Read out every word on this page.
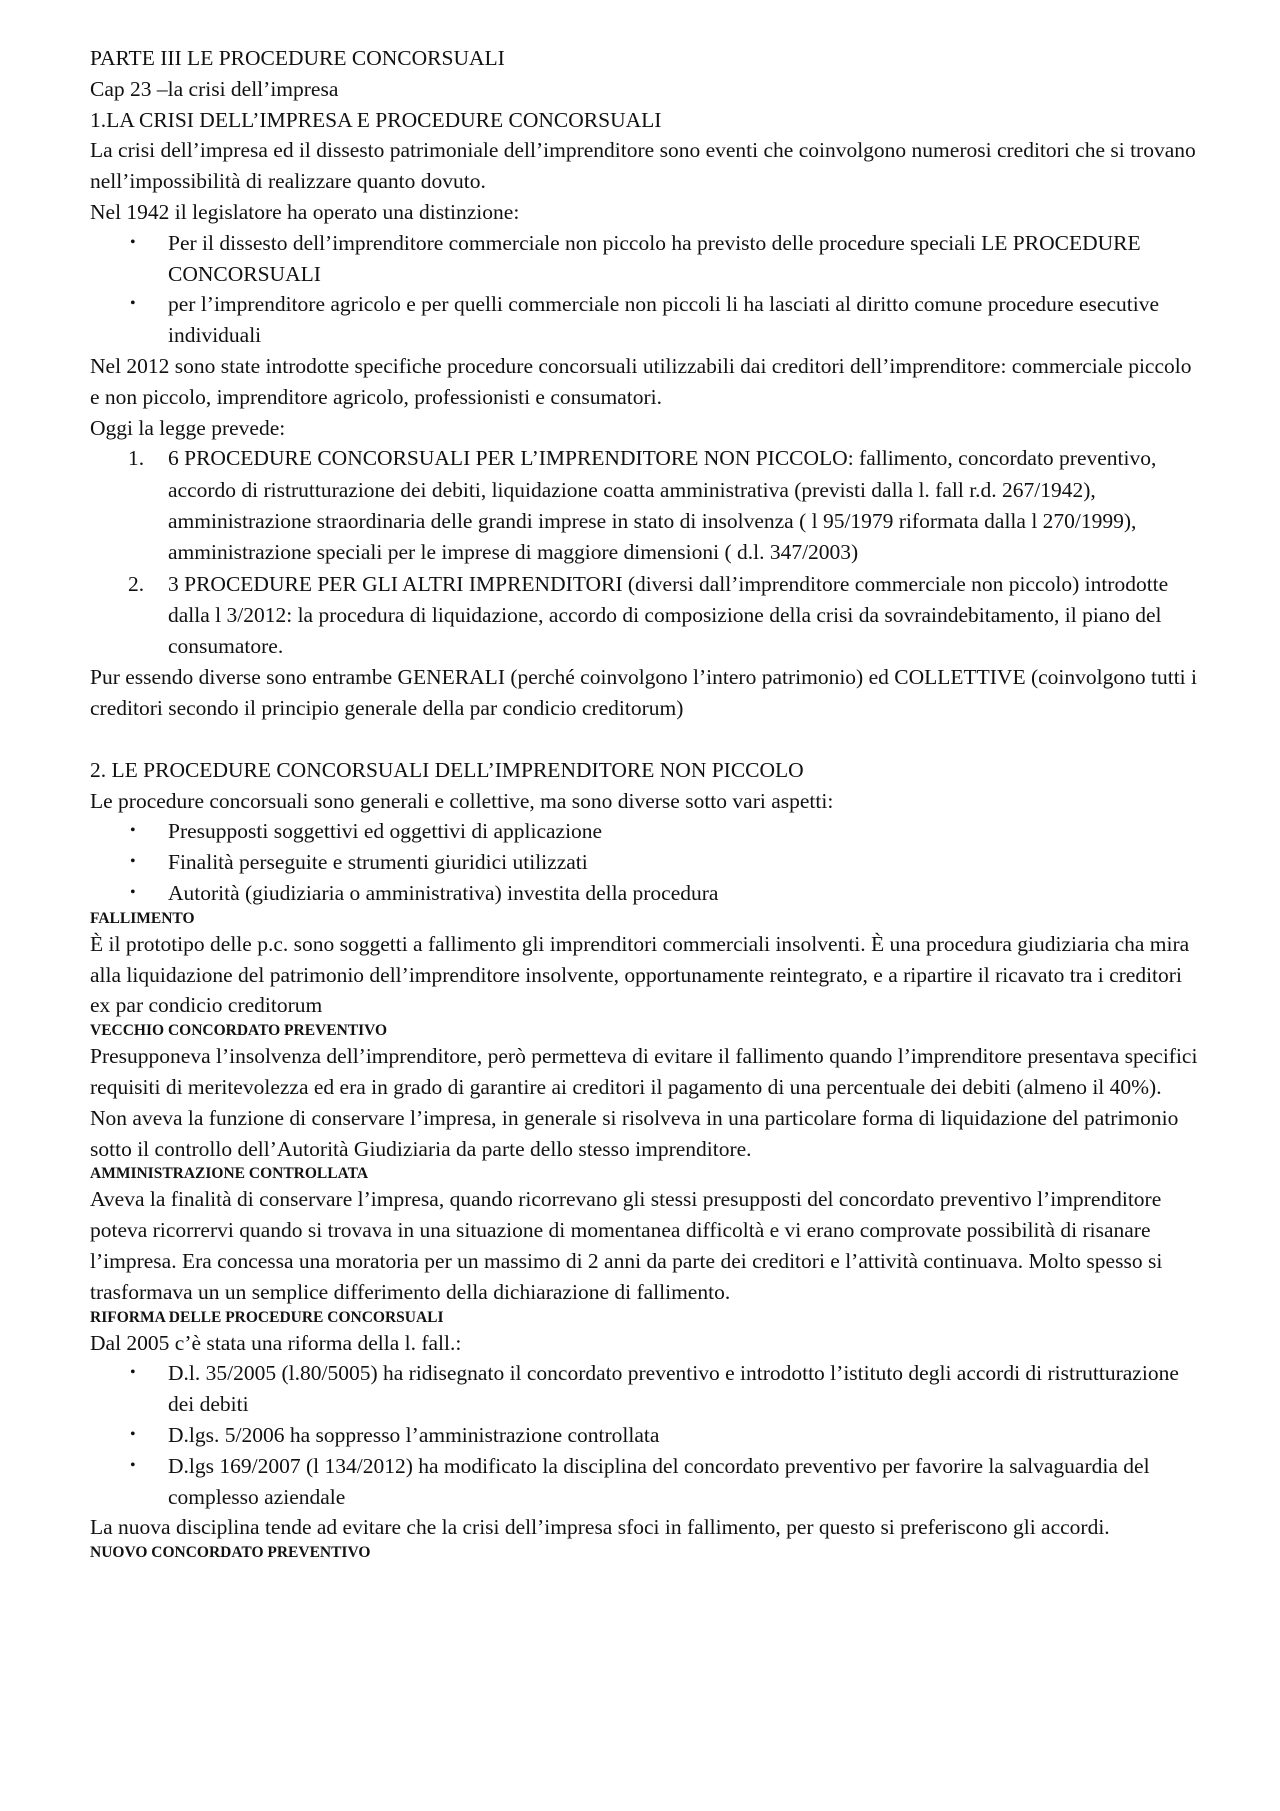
PARTE III LE PROCEDURE CONCORSUALI

Cap 23 –la crisi dell’impresa

1.LA CRISI DELL’IMPRESA E PROCEDURE CONCORSUALI

La crisi dell’impresa ed il dissesto patrimoniale dell’imprenditore sono eventi che coinvolgono numerosi creditori che si trovano nell’impossibilità di realizzare quanto dovuto.

Nel 1942 il legislatore ha operato una distinzione:

•	Per il dissesto dell’imprenditore commerciale non piccolo ha previsto delle procedure speciali LE PROCEDURE CONCORSUALI
•	per l’imprenditore agricolo e per quelli commerciale non piccoli li ha lasciati al diritto comune procedure esecutive individuali

Nel 2012 sono state introdotte specifiche procedure concorsuali utilizzabili dai creditori dell’imprenditore: commerciale piccolo e non piccolo, imprenditore agricolo, professionisti e consumatori.

Oggi la legge prevede:

1.	6 PROCEDURE CONCORSUALI PER L’IMPRENDITORE NON PICCOLO: fallimento, concordato preventivo, accordo di ristrutturazione dei debiti, liquidazione coatta amministrativa (previsti dalla l. fall r.d. 267/1942), amministrazione straordinaria delle grandi imprese in stato di insolvenza ( l 95/1979 riformata dalla l 270/1999), amministrazione speciali per le imprese di maggiore dimensioni ( d.l. 347/2003)
2.	3 PROCEDURE PER GLI ALTRI IMPRENDITORI (diversi dall’imprenditore commerciale non piccolo) introdotte dalla l 3/2012: la procedura di liquidazione, accordo di composizione della crisi da sovraindebitamento, il piano del consumatore.

Pur essendo diverse sono entrambe GENERALI (perché coinvolgono l’intero patrimonio) ed COLLETTIVE (coinvolgono tutti i creditori secondo il principio generale della par condicio creditorum)

2. LE PROCEDURE CONCORSUALI DELL’IMPRENDITORE NON PICCOLO

Le procedure concorsuali sono generali e collettive, ma sono diverse sotto vari aspetti:

•	Presupposti soggettivi ed oggettivi di applicazione
•	Finalità perseguite e strumenti giuridici utilizzati
•	Autorità (giudiziaria o amministrativa) investita della procedura

FALLIMENTO

È il prototipo delle p.c. sono soggetti a fallimento gli imprenditori commerciali insolventi. È una procedura giudiziaria cha mira alla liquidazione del patrimonio dell’imprenditore insolvente, opportunamente reintegrato, e a ripartire il ricavato tra i creditori ex par condicio creditorum

VECCHIO CONCORDATO PREVENTIVO

Presupponeva l’insolvenza dell’imprenditore, però permetteva di evitare il fallimento quando l’imprenditore presentava specifici requisiti di meritevolezza ed era in grado di garantire ai creditori il pagamento di una percentuale dei debiti (almeno il 40%). Non aveva la funzione di conservare l’impresa, in generale si risolveva in una particolare forma di liquidazione del patrimonio sotto il controllo dell’Autorità Giudiziaria da parte dello stesso imprenditore.

AMMINISTRAZIONE CONTROLLATA

Aveva la finalità di conservare l’impresa, quando ricorrevano gli stessi presupposti del concordato preventivo l’imprenditore poteva ricorrervi quando si trovava in una situazione di momentanea difficoltà e vi erano comprovate possibilità di risanare l’impresa. Era concessa una moratoria per un massimo di 2 anni da parte dei creditori e l’attività continuava. Molto spesso si trasformava un un semplice differimento della dichiarazione di fallimento.

RIFORMA DELLE PROCEDURE CONCORSUALI

Dal 2005 c’è stata una riforma della l. fall.:

•	D.l. 35/2005 (l.80/5005) ha ridisegnato il concordato preventivo e introdotto l’istituto degli accordi di ristrutturazione dei debiti
•	D.lgs. 5/2006 ha soppresso l’amministrazione controllata
•	D.lgs 169/2007 (l 134/2012) ha modificato la disciplina del concordato preventivo per favorire la salvaguardia del complesso aziendale

La nuova disciplina tende ad evitare che la crisi dell’impresa sfoci in fallimento, per questo si preferiscono gli accordi.

NUOVO CONCORDATO PREVENTIVO
